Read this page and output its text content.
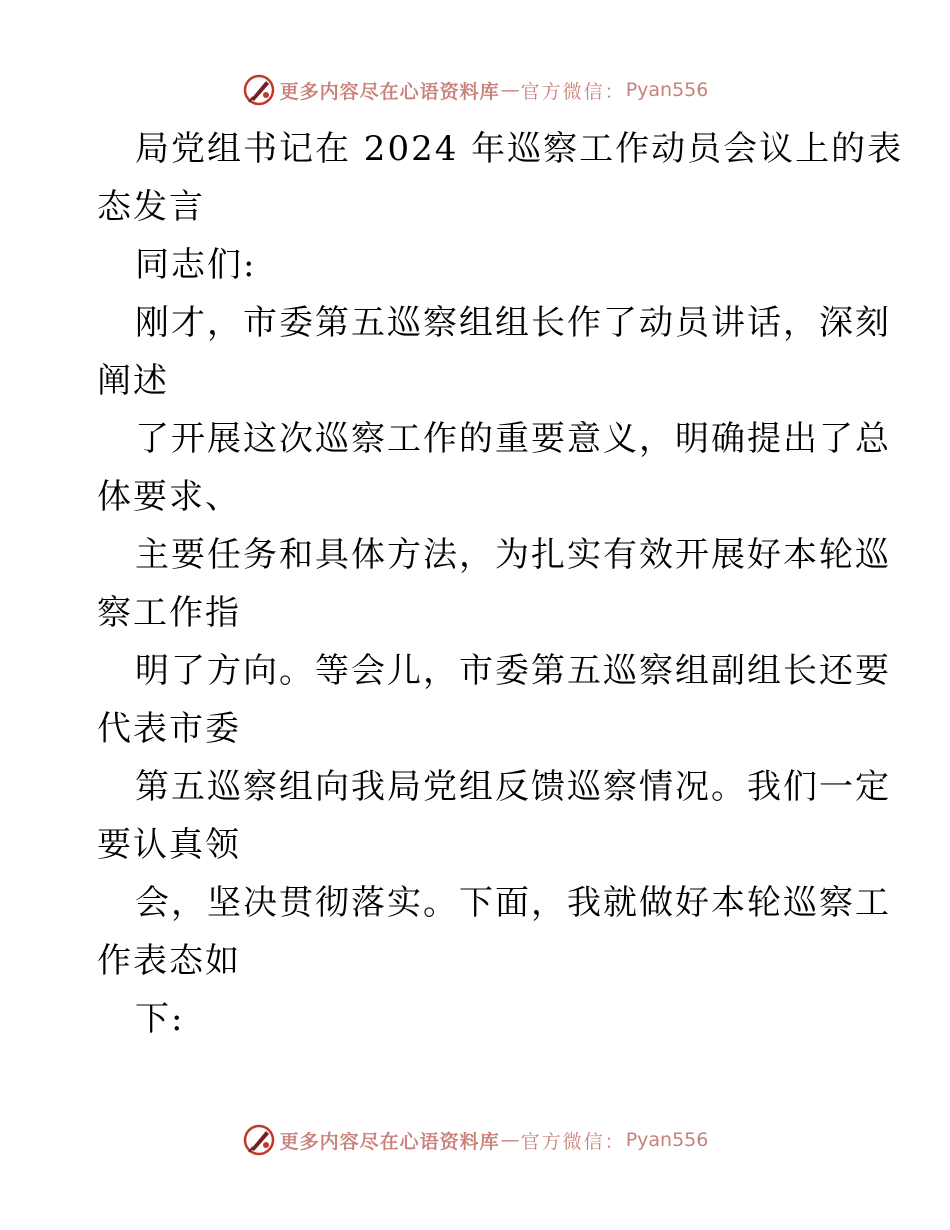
更多内容尽在心语资料库 — 官方微信： Pyan556
局党组书记在 2024 年巡察工作动员会议上的表
态发言
同志们:
刚才，市委第五巡察组组长作了动员讲话，深刻
阐述
了开展这次巡察工作的重要意义，明确提出了总
体要求、
主要任务和具体方法，为扎实有效开展好本轮巡
察工作指
明了方向。等会儿，市委第五巡察组副组长还要
代表市委
第五巡察组向我局党组反馈巡察情况。我们一定
要认真领
会，坚决贯彻落实。下面，我就做好本轮巡察工
作表态如
下:
更多内容尽在心语资料库 — 官方微信： Pyan556
